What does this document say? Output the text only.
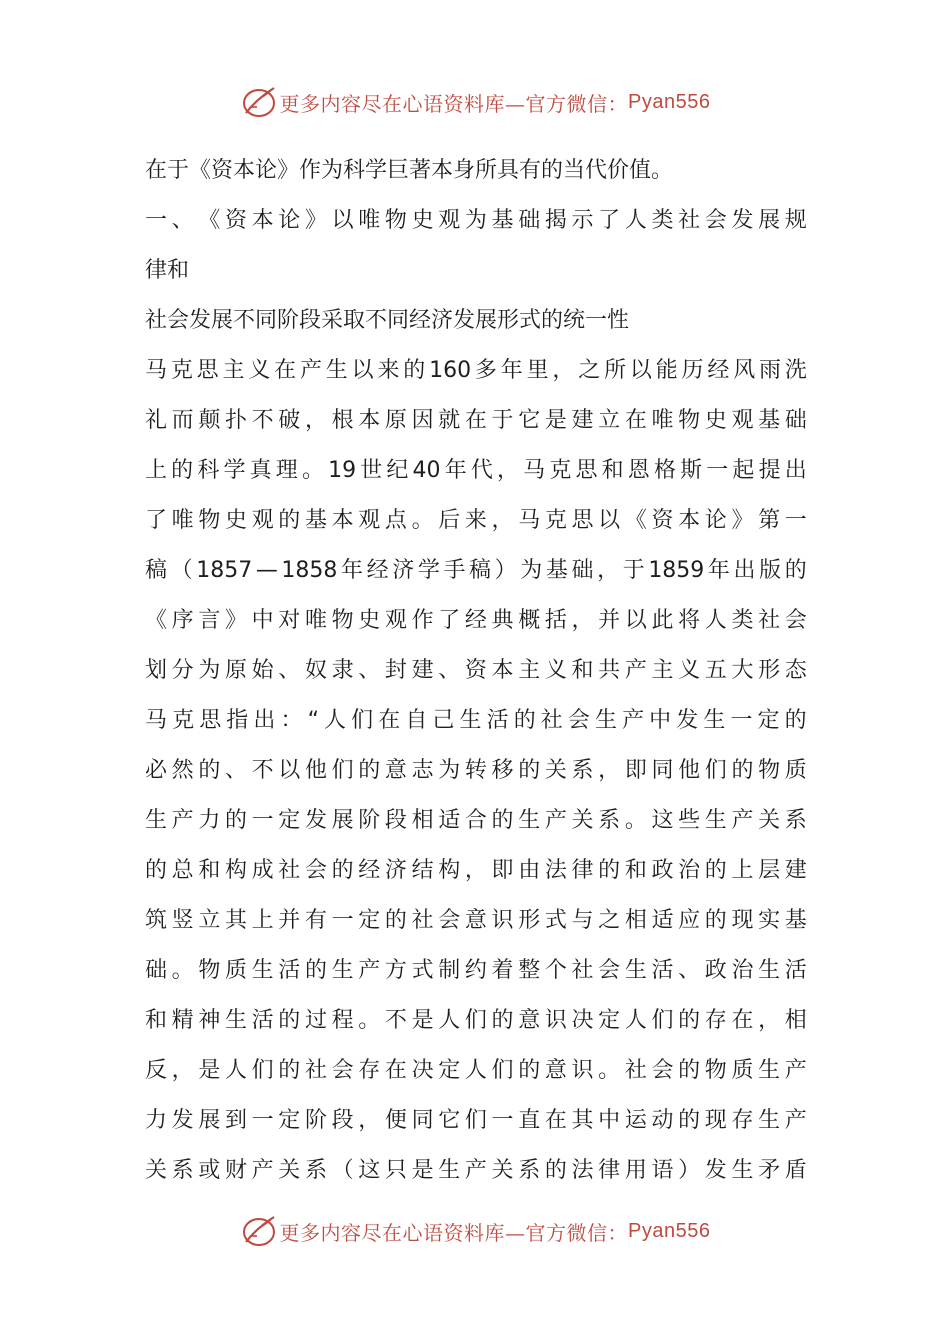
更多内容尽在心语资料库—官方微信： Pyan556
在于《资本论》作为科学巨著本身所具有的当代价值。
一 、 《 资 本 论 》 以 唯 物 史 观 为 基 础 揭 示 了 人 类 社 会 发 展 规
律和
社会发展不同阶段采取不同经济发展形式的统一性
马 克 思 主 义 在 产 生 以 来 的 160 多 年 里 ， 之 所 以 能 历 经 风 雨 洗
礼 而 颠 扑 不 破 ， 根 本 原 因 就 在 于 它 是 建 立 在 唯 物 史 观 基 础
上 的 科 学 真 理 。 19 世 纪 40 年 代 ， 马 克 思 和 恩 格 斯 一 起 提 出
了 唯 物 史 观 的 基 本 观 点 。 后 来 ， 马 克 思 以 《 资 本 论 》 第 一
稿 （ 1857 — 1858 年 经 济 学 手 稿 ） 为 基 础 ， 于 1859 年 出 版 的
《 序 言 》 中 对 唯 物 史 观 作 了 经 典 概 括 ， 并 以 此 将 人 类 社 会
划 分 为 原 始 、 奴 隶 、 封 建 、 资 本 主 义 和 共 产 主 义 五 大 形 态
马 克 思 指 出 ： “ 人 们 在 自 己 生 活 的 社 会 生 产 中 发 生 一 定 的
必 然 的 、 不 以 他 们 的 意 志 为 转 移 的 关 系 ， 即 同 他 们 的 物 质
生 产 力 的 一 定 发 展 阶 段 相 适 合 的 生 产 关 系 。 这 些 生 产 关 系
的 总 和 构 成 社 会 的 经 济 结 构 ， 即 由 法 律 的 和 政 治 的 上 层 建
筑 竖 立 其 上 并 有 一 定 的 社 会 意 识 形 式 与 之 相 适 应 的 现 实 基
础 。 物 质 生 活 的 生 产 方 式 制 约 着 整 个 社 会 生 活 、 政 治 生 活
和 精 神 生 活 的 过 程 。 不 是 人 们 的 意 识 决 定 人 们 的 存 在 ， 相
反 ， 是 人 们 的 社 会 存 在 决 定 人 们 的 意 识 。 社 会 的 物 质 生 产
力 发 展 到 一 定 阶 段 ， 便 同 它 们 一 直 在 其 中 运 动 的 现 存 生 产
关 系 或 财 产 关 系 （ 这 只 是 生 产 关 系 的 法 律 用 语 ） 发 生 矛 盾
更多内容尽在心语资料库—官方微信： Pyan556
